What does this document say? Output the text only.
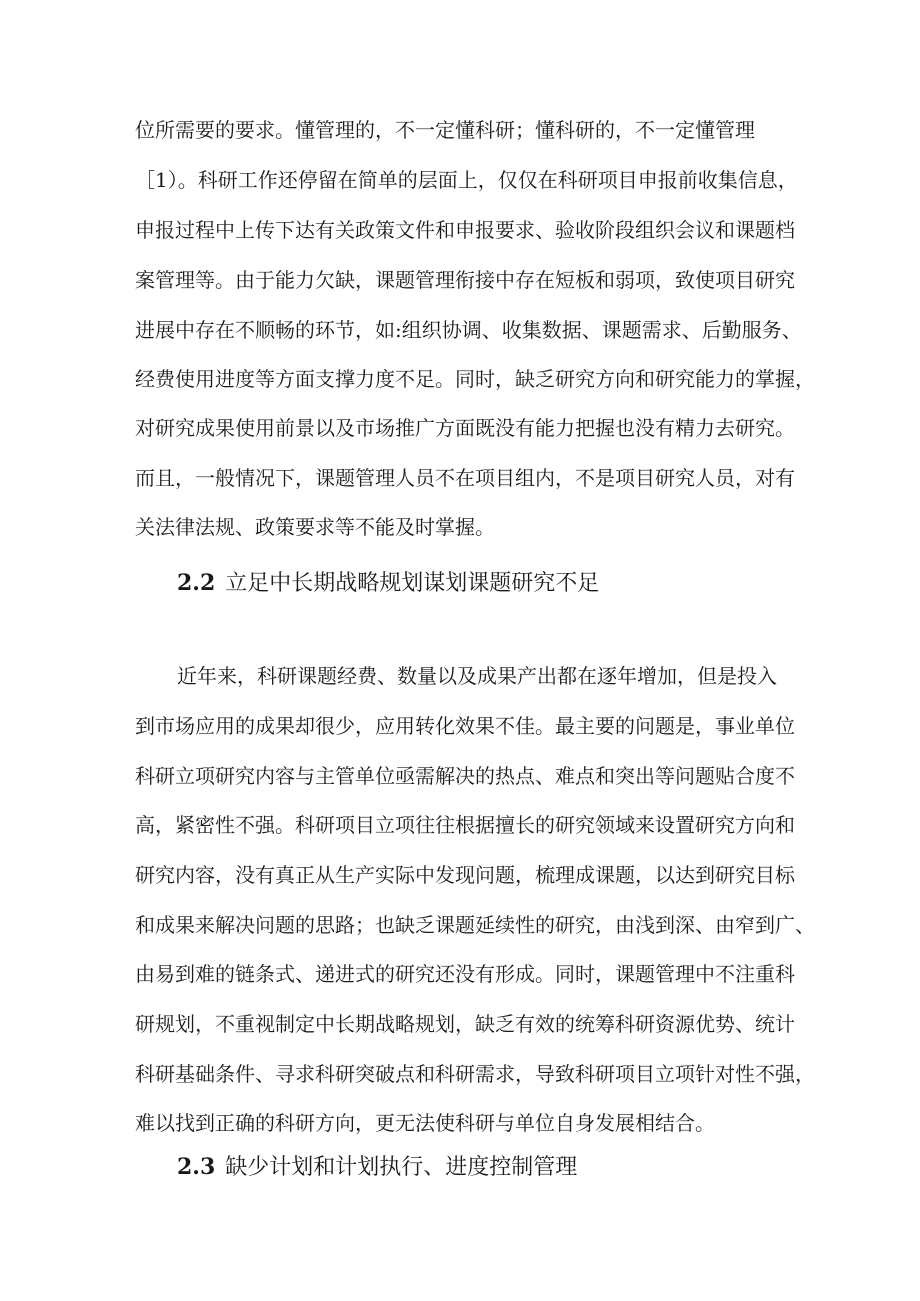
位所需要的要求。懂管理的，不一定懂科研；懂科研的，不一定懂管理
［1）。科研工作还停留在简单的层面上，仅仅在科研项目申报前收集信息，
申报过程中上传下达有关政策文件和申报要求、验收阶段组织会议和课题档
案管理等。由于能力欠缺，课题管理衔接中存在短板和弱项，致使项目研究
进展中存在不顺畅的环节，如:组织协调、收集数据、课题需求、后勤服务、
经费使用进度等方面支撑力度不足。同时，缺乏研究方向和研究能力的掌握，
对研究成果使用前景以及市场推广方面既没有能力把握也没有精力去研究。
而且，一般情况下，课题管理人员不在项目组内，不是项目研究人员，对有
关法律法规、政策要求等不能及时掌握。
2.2 立足中长期战略规划谋划课题研究不足
近年来，科研课题经费、数量以及成果产出都在逐年增加，但是投入
到市场应用的成果却很少，应用转化效果不佳。最主要的问题是，事业单位
科研立项研究内容与主管单位亟需解决的热点、难点和突出等问题贴合度不
高，紧密性不强。科研项目立项往往根据擅长的研究领域来设置研究方向和
研究内容，没有真正从生产实际中发现问题，梳理成课题，以达到研究目标
和成果来解决问题的思路；也缺乏课题延续性的研究，由浅到深、由窄到广、
由易到难的链条式、递进式的研究还没有形成。同时，课题管理中不注重科
研规划，不重视制定中长期战略规划，缺乏有效的统筹科研资源优势、统计
科研基础条件、寻求科研突破点和科研需求，导致科研项目立项针对性不强，
难以找到正确的科研方向，更无法使科研与单位自身发展相结合。
2.3 缺少计划和计划执行、进度控制管理
